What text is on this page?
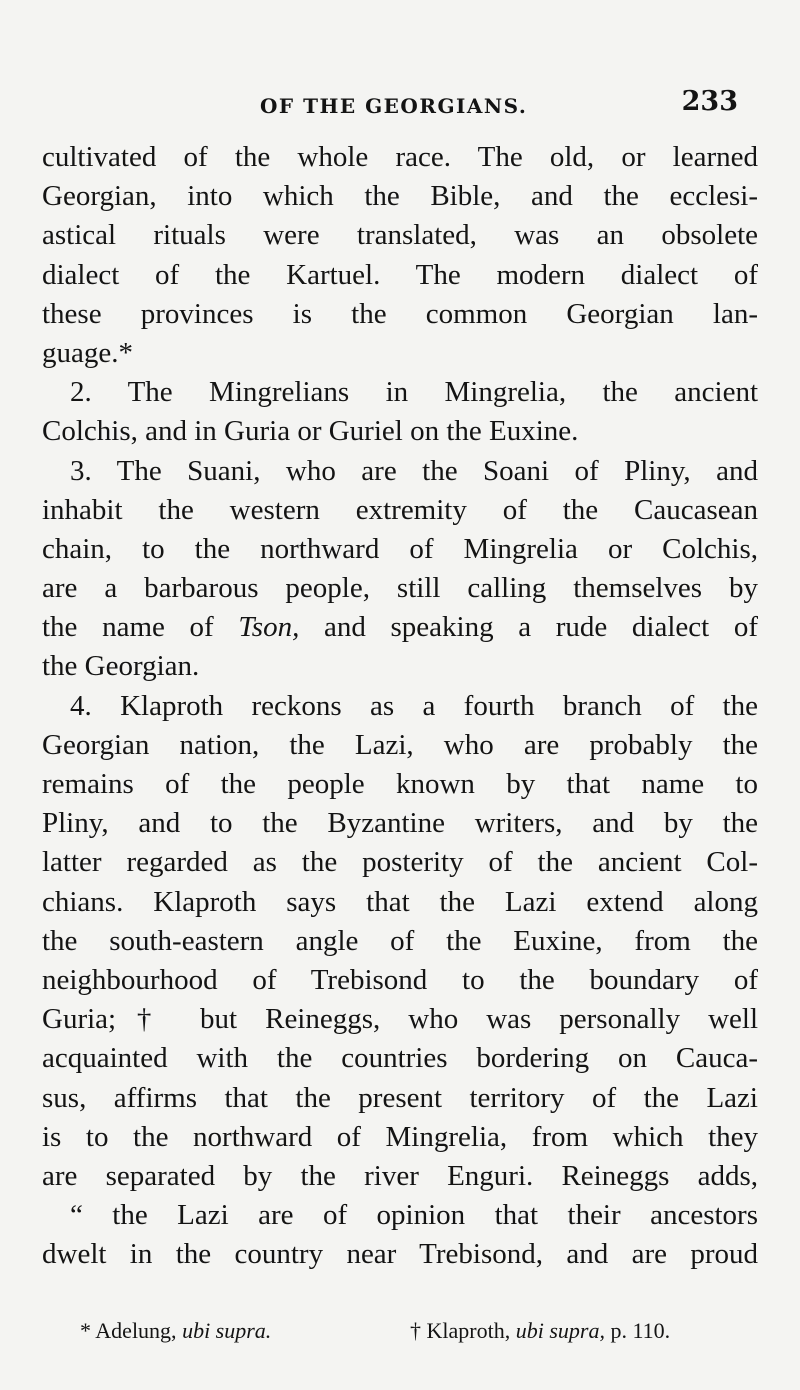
OF THE GEORGIANS.	233
cultivated of the whole race. The old, or learned
Georgian, into which the Bible, and the ecclesi-
astical rituals were translated, was an obsolete
dialect of the Kartuel. The modern dialect of
these provinces is the common Georgian lan-
guage.*
2. The Mingrelians in Mingrelia, the ancient
Colchis, and in Guria or Guriel on the Euxine.
3. The Suani, who are the Soani of Pliny, and
inhabit the western extremity of the Caucasean
chain, to the northward of Mingrelia or Colchis,
are a barbarous people, still calling themselves by
the name of Tson, and speaking a rude dialect of
the Georgian.
4. Klaproth reckons as a fourth branch of the
Georgian nation, the Lazi, who are probably the
remains of the people known by that name to
Pliny, and to the Byzantine writers, and by the
latter regarded as the posterity of the ancient Col-
chians. Klaproth says that the Lazi extend along
the south-eastern angle of the Euxine, from the
neighbourhood of Trebisond to the boundary of
Guria;† but Reineggs, who was personally well
acquainted with the countries bordering on Cauca-
sus, affirms that the present territory of the Lazi
is to the northward of Mingrelia, from which they
are separated by the river Enguri. Reineggs adds,
“ the Lazi are of opinion that their ancestors
dwelt in the country near Trebisond, and are proud
* Adelung, ubi supra.	† Klaproth, ubi supra, p. 110.
